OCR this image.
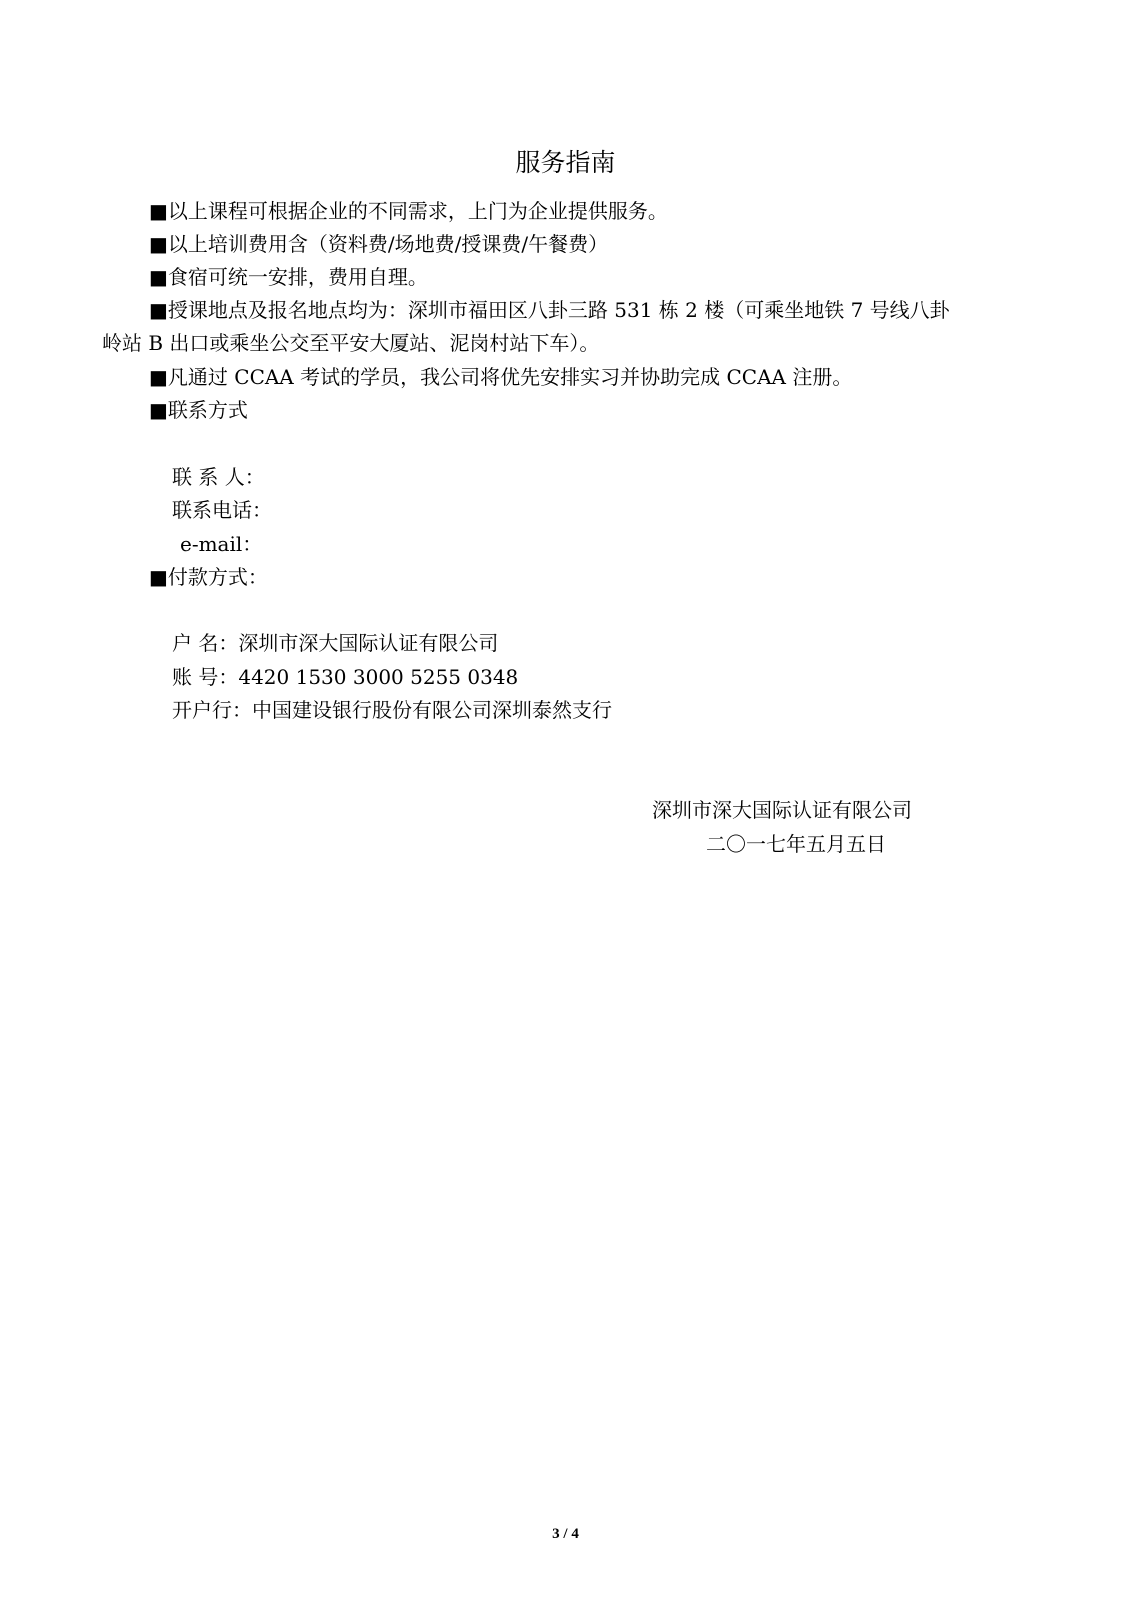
服务指南
■以上课程可根据企业的不同需求，上门为企业提供服务。
■以上培训费用含（资料费/场地费/授课费/午餐费）
■食宿可统一安排，费用自理。
■授课地点及报名地点均为：深圳市福田区八卦三路 531 栋 2 楼（可乘坐地铁 7 号线八卦
岭站 B 出口或乘坐公交至平安大厦站、泥岗村站下车）。
■凡通过 CCAA 考试的学员，我公司将优先安排实习并协助完成 CCAA 注册。
■联系方式
联 系 人：
联系电话：
e-mail：
■付款方式：
户 名：深圳市深大国际认证有限公司
账 号：4420 1530 3000 5255 0348
开户行：中国建设银行股份有限公司深圳泰然支行
深圳市深大国际认证有限公司
二〇一七年五月五日
3 / 4
